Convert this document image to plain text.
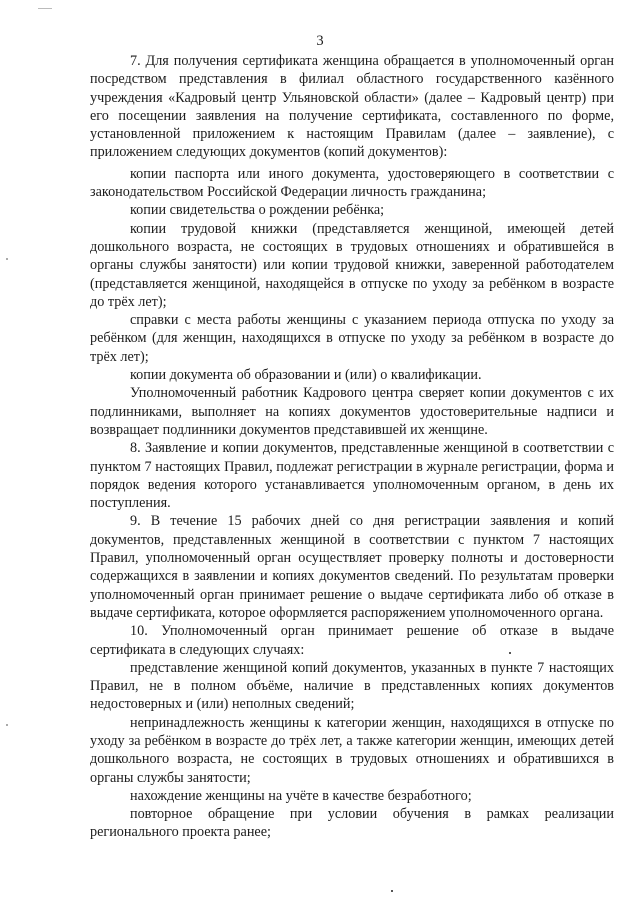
3

7. Для получения сертификата женщина обращается в уполномоченный орган посредством представления в филиал областного государственного казённого учреждения «Кадровый центр Ульяновской области» (далее – Кадровый центр) при его посещении заявления на получение сертификата, составленного по форме, установленной приложением к настоящим Правилам (далее – заявление), с приложением следующих документов (копий документов):

копии паспорта или иного документа, удостоверяющего в соответствии с законодательством Российской Федерации личность гражданина;

копии свидетельства о рождении ребёнка;

копии трудовой книжки (представляется женщиной, имеющей детей дошкольного возраста, не состоящих в трудовых отношениях и обратившейся в органы службы занятости) или копии трудовой книжки, заверенной работодателем (представляется женщиной, находящейся в отпуске по уходу за ребёнком в возрасте до трёх лет);

справки с места работы женщины с указанием периода отпуска по уходу за ребёнком (для женщин, находящихся в отпуске по уходу за ребёнком в возрасте до трёх лет);

копии документа об образовании и (или) о квалификации.

Уполномоченный работник Кадрового центра сверяет копии документов с их подлинниками, выполняет на копиях документов удостоверительные надписи и возвращает подлинники документов представившей их женщине.

8. Заявление и копии документов, представленные женщиной в соответствии с пунктом 7 настоящих Правил, подлежат регистрации в журнале регистрации, форма и порядок ведения которого устанавливается уполномоченным органом, в день их поступления.

9. В течение 15 рабочих дней со дня регистрации заявления и копий документов, представленных женщиной в соответствии с пунктом 7 настоящих Правил, уполномоченный орган осуществляет проверку полноты и достоверности содержащихся в заявлении и копиях документов сведений. По результатам проверки уполномоченный орган принимает решение о выдаче сертификата либо об отказе в выдаче сертификата, которое оформляется распоряжением уполномоченного органа.

10. Уполномоченный орган принимает решение об отказе в выдаче сертификата в следующих случаях:

представление женщиной копий документов, указанных в пункте 7 настоящих Правил, не в полном объёме, наличие в представленных копиях документов недостоверных и (или) неполных сведений;

непринадлежность женщины к категории женщин, находящихся в отпуске по уходу за ребёнком в возрасте до трёх лет, а также категории женщин, имеющих детей дошкольного возраста, не состоящих в трудовых отношениях и обратившихся в органы службы занятости;

нахождение женщины на учёте в качестве безработного;

повторное обращение при условии обучения в рамках реализации регионального проекта ранее;
